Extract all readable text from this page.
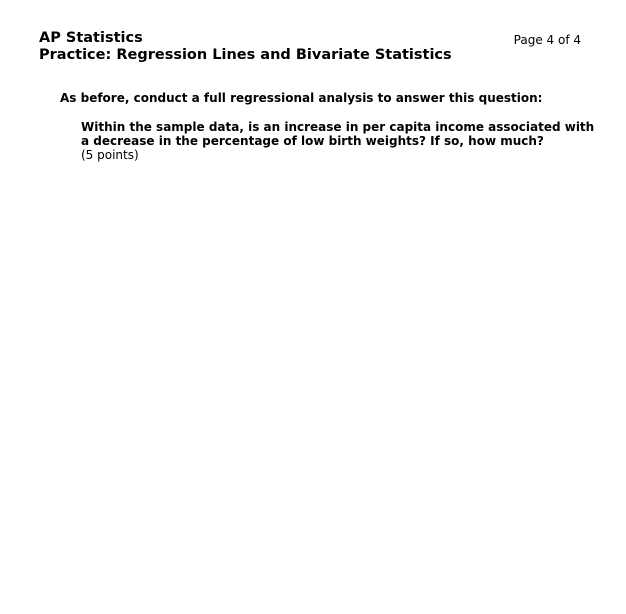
AP Statistics

Practice: Regression Lines and Bivariate Statistics

Page 4 of 4
As before, conduct a full regressional analysis to answer this question:

Within the sample data, is an increase in per capita income associated with

a decrease in the percentage of low birth weights? If so, how much?

(5 points)
